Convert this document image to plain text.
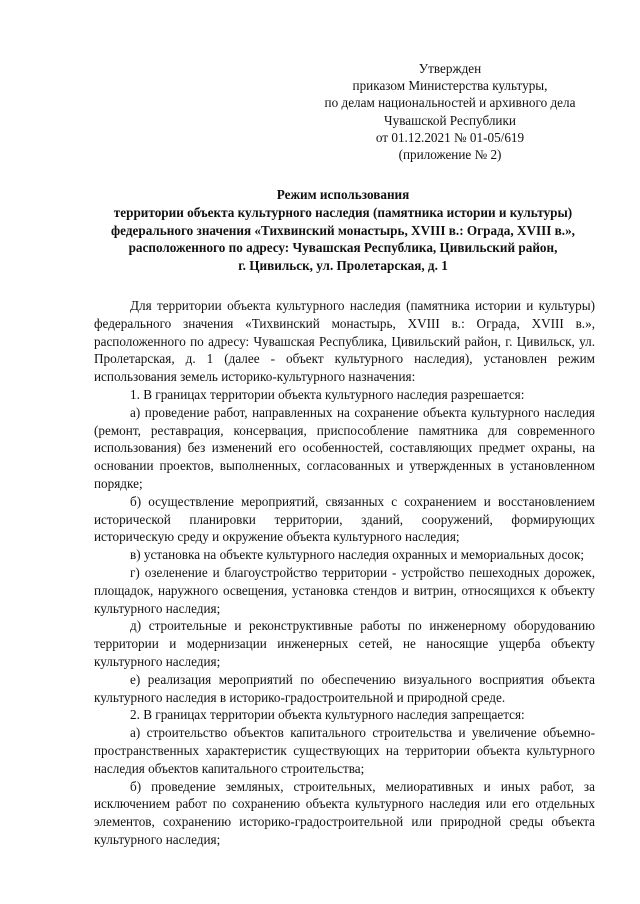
Утвержден
приказом Министерства культуры,
по делам национальностей и архивного дела
Чувашской Республики
от 01.12.2021 № 01-05/619
(приложение № 2)
Режим использования
территории объекта культурного наследия (памятника истории и культуры)
федерального значения «Тихвинский монастырь, XVIII в.: Ограда, XVIII в.»,
расположенного по адресу: Чувашская Республика, Цивильский район,
г. Цивильск, ул. Пролетарская, д. 1

Для территории объекта культурного наследия (памятника истории и культуры) федерального значения «Тихвинский монастырь, XVIII в.: Ограда, XVIII в.», расположенного по адресу: Чувашская Республика, Цивильский район, г. Цивильск, ул. Пролетарская, д. 1 (далее - объект культурного наследия), установлен режим использования земель историко-культурного назначения:

1. В границах территории объекта культурного наследия разрешается:

а) проведение работ, направленных на сохранение объекта культурного наследия (ремонт, реставрация, консервация, приспособление памятника для современного использования) без изменений его особенностей, составляющих предмет охраны, на основании проектов, выполненных, согласованных и утвержденных в установленном порядке;

б) осуществление мероприятий, связанных с сохранением и восстановлением исторической планировки территории, зданий, сооружений, формирующих историческую среду и окружение объекта культурного наследия;

в) установка на объекте культурного наследия охранных и мемориальных досок;

г) озеленение и благоустройство территории - устройство пешеходных дорожек, площадок, наружного освещения, установка стендов и витрин, относящихся к объекту культурного наследия;

д) строительные и реконструктивные работы по инженерному оборудованию территории и модернизации инженерных сетей, не наносящие ущерба объекту культурного наследия;

е) реализация мероприятий по обеспечению визуального восприятия объекта культурного наследия в историко-градостроительной и природной среде.

2. В границах территории объекта культурного наследия запрещается:

а) строительство объектов капитального строительства и увеличение объемно-пространственных характеристик существующих на территории объекта культурного наследия объектов капитального строительства;

б) проведение земляных, строительных, мелиоративных и иных работ, за исключением работ по сохранению объекта культурного наследия или его отдельных элементов, сохранению историко-градостроительной или природной среды объекта культурного наследия;
